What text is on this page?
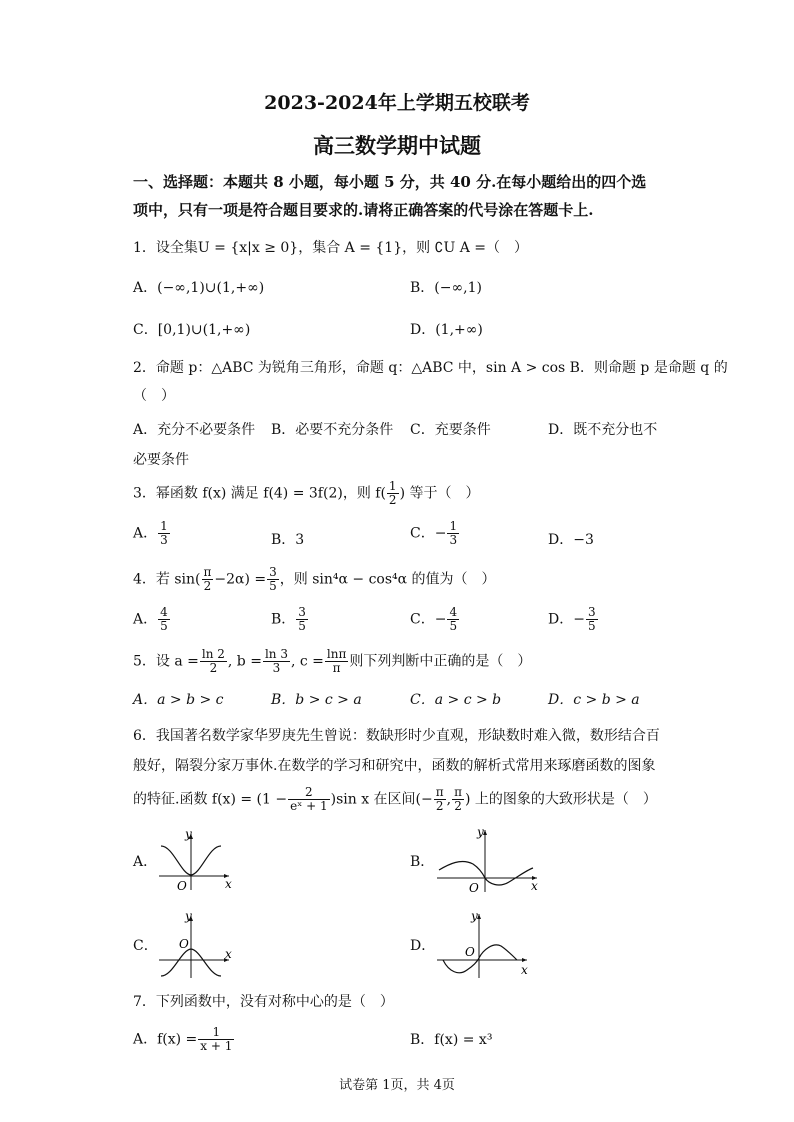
2023-2024年上学期五校联考
高三数学期中试题
一、选择题：本题共 8 小题，每小题 5 分，共 40 分.在每小题给出的四个选
项中，只有一项是符合题目要求的.请将正确答案的代号涂在答题卡上.
1．设全集U = {x|x ≥ 0}，集合 A = {1}，则 ∁U A =（　）
A．(−∞,1)∪(1,+∞)	B．(−∞,1)
C．[0,1)∪(1,+∞)	D．(1,+∞)
2．命题 p：△ABC 为锐角三角形，命题 q：△ABC 中，sin A > cos B．则命题 p 是命题 q 的
（　）
A．充分不必要条件 B．必要不充分条件 C．充要条件	D．既不充分也不
必要条件
3．幂函数 f(x) 满足 f(4) = 3f(2)，则 $f( \frac{1}{2}$ ) 等于（　）
A． $\frac{1}{3}$	B．3	C．− $\frac{1}{3}$	D．−3
4．若 $\sin( \frac{\pi}{2} -2\alpha) = \frac{3}{5}$ ，则 sin⁴α − cos⁴α 的值为（　）
A． $\frac{4}{5}$	B． $\frac{3}{5}$	C．− $\frac{4}{5}$	D．− $\frac{3}{5}$
5．设 $a = \frac{\ln 2}{2}$ , $b = \frac{\ln 3}{3}$ , $c = \frac{\ln\pi}{\pi}$ 则下列判断中正确的是（　）
A．a > b > c	B．b > c > a	C．a > c > b	D．c > b > a
6．我国著名数学家华罗庚先生曾说：数缺形时少直观，形缺数时难入微，数形结合百
般好，隔裂分家万事休.在数学的学习和研究中，函数的解析式常用来琢磨函数的图象
的特征.函数 $f(x) = (1 - \frac{2}{\text{eˣ + 1}} )\sin$ x 在区间(− $\frac{\pi}{2}$ , $\frac{\pi}{2}$ ) 上的图象的大致形状是（　）
A．
y
x
O
B．
y
x
O
C．
y
x
O	D．
y
x
O
7．下列函数中，没有对称中心的是（　）
A．$f(x) = \frac{1}{x + 1}$	B．f(x) = x³
试卷第 1页，共 4页
